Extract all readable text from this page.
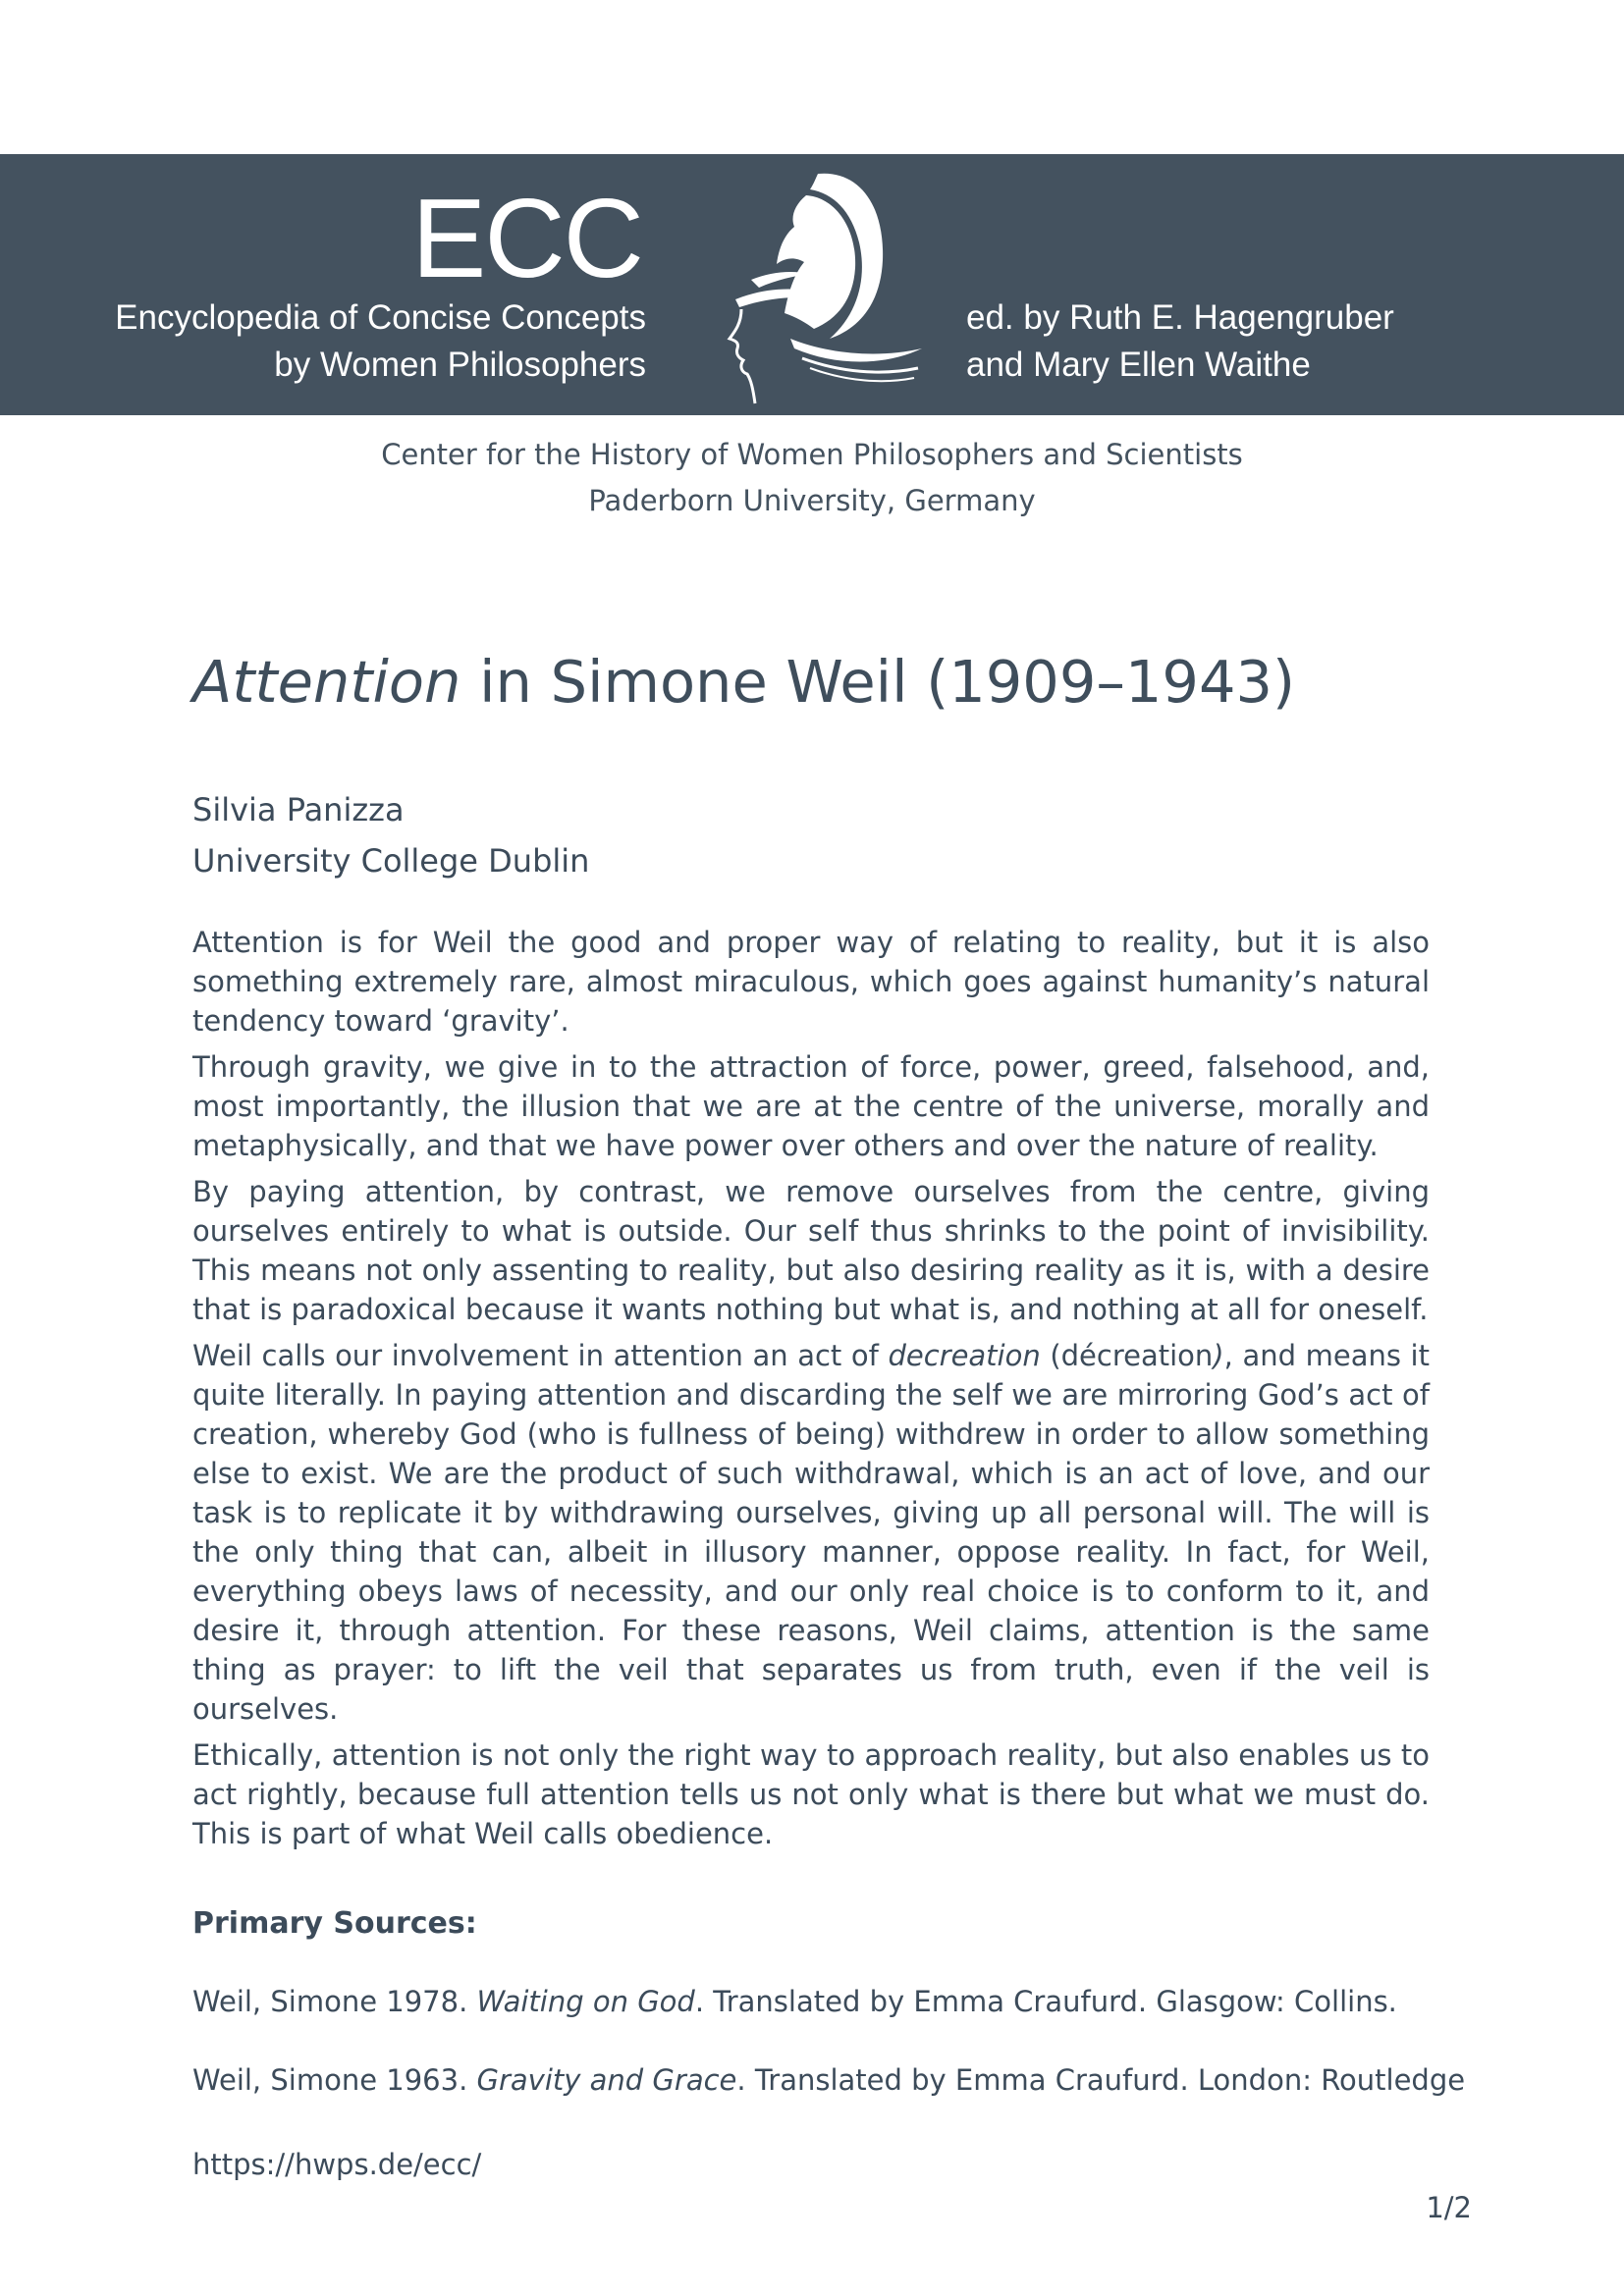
ECC
Encyclopedia of Concise Concepts
by Women Philosophers
ed. by Ruth E. Hagengruber
and Mary Ellen Waithe
Center for the History of Women Philosophers and Scientists
Paderborn University, Germany
Attention in Simone Weil (1909–1943)
Silvia Panizza
University College Dublin

Attention is for Weil the good and proper way of relating to reality, but it is also something extremely rare, almost miraculous, which goes against humanity’s natural tendency toward ‘gravity’.

Through gravity, we give in to the attraction of force, power, greed, falsehood, and, most importantly, the illusion that we are at the centre of the universe, morally and metaphysically, and that we have power over others and over the nature of reality.

By paying attention, by contrast, we remove ourselves from the centre, giving ourselves entirely to what is outside. Our self thus shrinks to the point of invisibility. This means not only assenting to reality, but also desiring reality as it is, with a desire that is paradoxical because it wants nothing but what is, and nothing at all for oneself.

Weil calls our involvement in attention an act of decreation (décreation), and means it quite literally. In paying attention and discarding the self we are mirroring God’s act of creation, whereby God (who is fullness of being) withdrew in order to allow something else to exist. We are the product of such withdrawal, which is an act of love, and our task is to replicate it by withdrawing ourselves, giving up all personal will. The will is the only thing that can, albeit in illusory manner, oppose reality. In fact, for Weil, everything obeys laws of necessity, and our only real choice is to conform to it, and desire it, through attention. For these reasons, Weil claims, attention is the same thing as prayer: to lift the veil that separates us from truth, even if the veil is ourselves.

Ethically, attention is not only the right way to approach reality, but also enables us to act rightly, because full attention tells us not only what is there but what we must do. This is part of what Weil calls obedience.

Primary Sources:
Weil, Simone 1978. Waiting on God. Translated by Emma Craufurd. Glasgow: Collins.
Weil, Simone 1963. Gravity and Grace. Translated by Emma Craufurd. London: Routledge
https://hwps.de/ecc/
1/2
